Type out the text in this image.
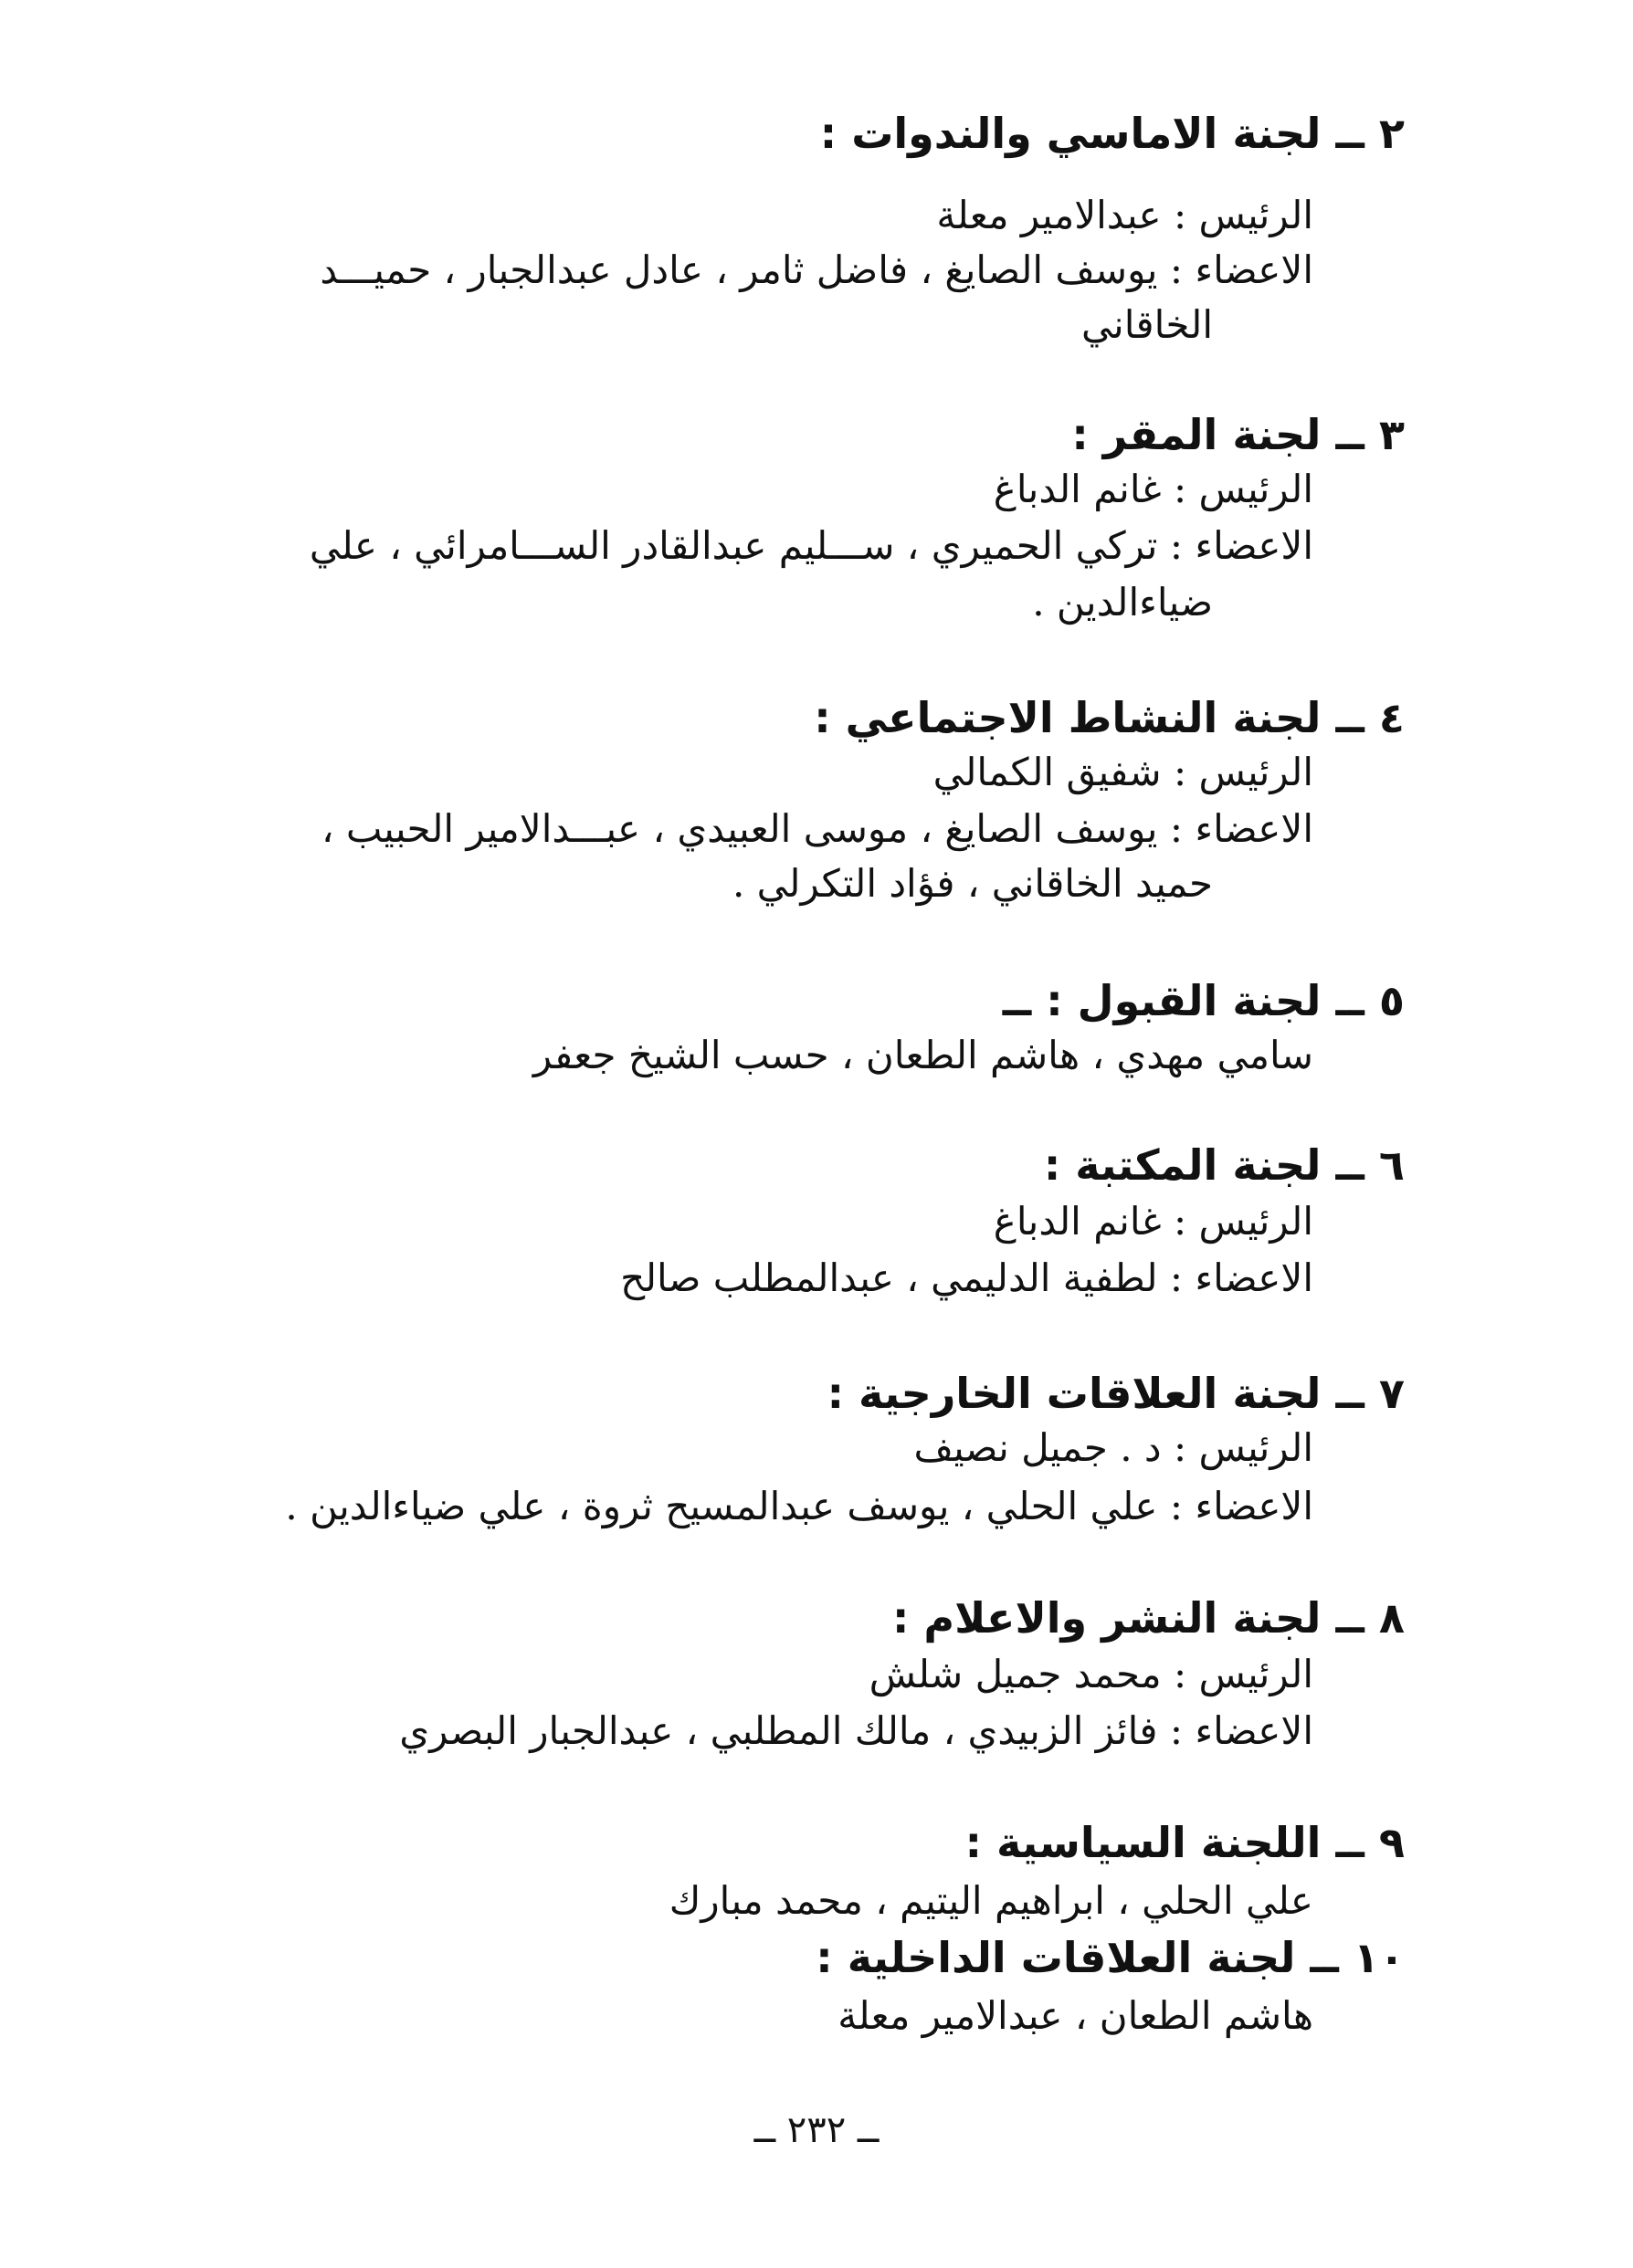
٢ ــ لجنة الاماسي والندوات :
الرئيس : عبدالامير معلة
الاعضاء : يوسف الصايغ ، فاضل ثامر ، عادل عبدالجبار ، حميـــد
الخاقاني
٣ ــ لجنة المقر :
الرئيس : غانم الدباغ
الاعضاء : تركي الحميري ، ســـليم عبدالقادر الســـامرائي ، علي
ضياءالدين .
٤ ــ لجنة النشاط الاجتماعي :
الرئيس : شفيق الكمالي
الاعضاء : يوسف الصايغ ، موسى العبيدي ، عبـــدالامير الحبيب ،
حميد الخاقاني ، فؤاد التكرلي .
٥ ــ لجنة القبول : ــ
سامي مهدي ، هاشم الطعان ، حسب الشيخ جعفر
٦ ــ لجنة المكتبة :
الرئيس : غانم الدباغ
الاعضاء : لطفية الدليمي ، عبدالمطلب صالح
٧ ــ لجنة العلاقات الخارجية :
الرئيس : د . جميل نصيف
الاعضاء : علي الحلي ، يوسف عبدالمسيح ثروة ، علي ضياءالدين .
٨ ــ لجنة النشر والاعلام :
الرئيس : محمد جميل شلش
الاعضاء : فائز الزبيدي ، مالك المطلبي ، عبدالجبار البصري
٩ ــ اللجنة السياسية :
علي الحلي ، ابراهيم اليتيم ، محمد مبارك
١٠ ــ لجنة العلاقات الداخلية :
هاشم الطعان ، عبدالامير معلة
ــ ٢٣٢ ــ
